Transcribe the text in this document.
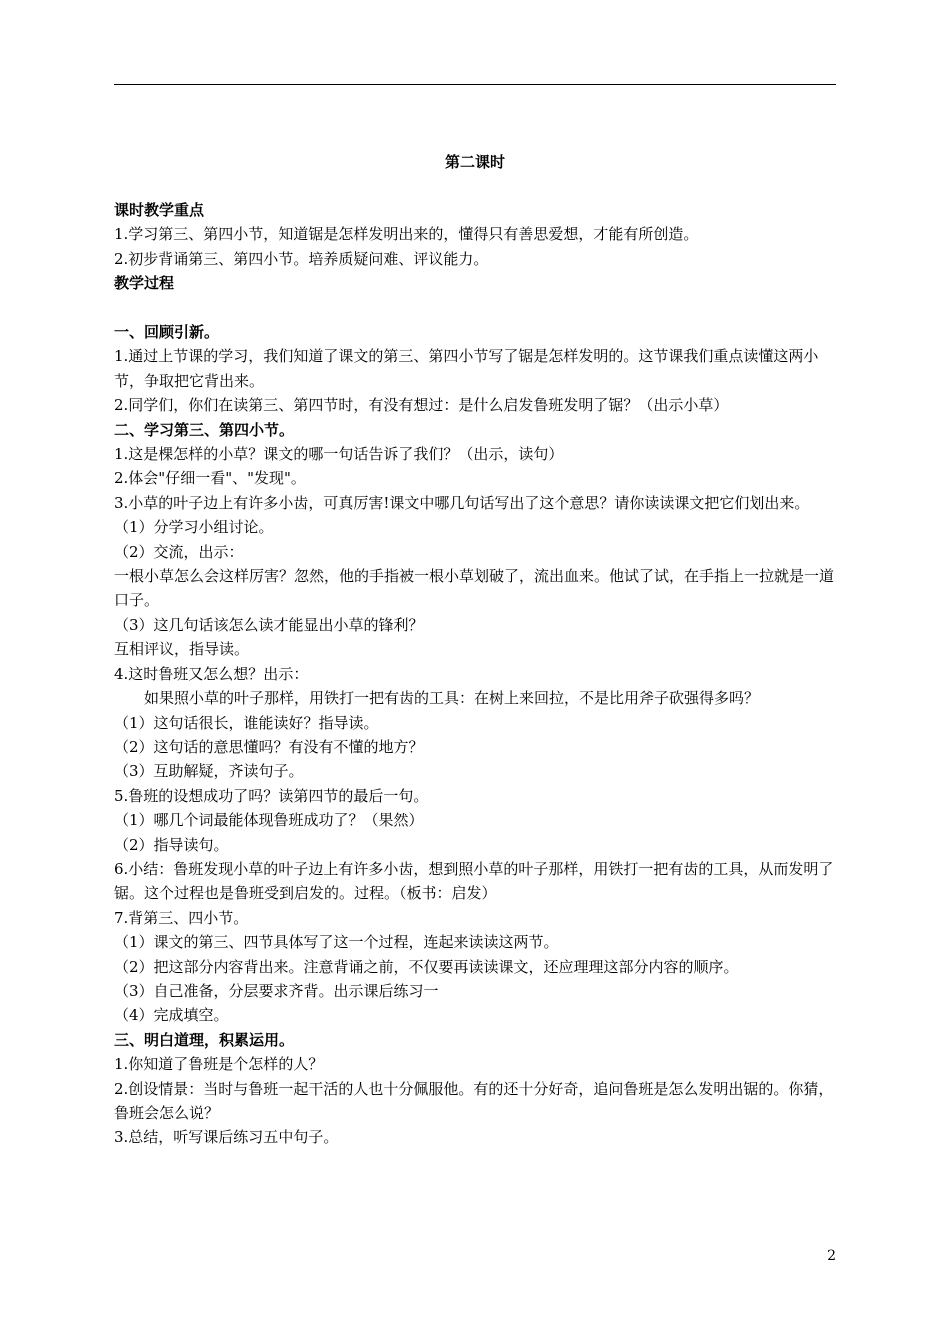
第二课时

课时教学重点

1.学习第三、第四小节，知道锯是怎样发明出来的，懂得只有善思爱想，才能有所创造。

2.初步背诵第三、第四小节。培养质疑问难、评议能力。

教学过程

一、回顾引新。

1.通过上节课的学习，我们知道了课文的第三、第四小节写了锯是怎样发明的。这节课我们重点读懂这两小节，争取把它背出来。

2.同学们，你们在读第三、第四节时，有没有想过：是什么启发鲁班发明了锯？（出示小草）

二、学习第三、第四小节。

1.这是棵怎样的小草？课文的哪一句话告诉了我们？（出示，读句）

2.体会"仔细一看"、"发现"。

3.小草的叶子边上有许多小齿，可真厉害!课文中哪几句话写出了这个意思？请你读读课文把它们划出来。

（1）分学习小组讨论。

（2）交流，出示：

一根小草怎么会这样厉害？忽然，他的手指被一根小草划破了，流出血来。他试了试，在手指上一拉就是一道口子。

（3）这几句话该怎么读才能显出小草的锋利？

互相评议，指导读。

4.这时鲁班又怎么想？出示：

如果照小草的叶子那样，用铁打一把有齿的工具：在树上来回拉，不是比用斧子砍强得多吗？

（1）这句话很长，谁能读好？指导读。

（2）这句话的意思懂吗？有没有不懂的地方？

（3）互助解疑，齐读句子。

5.鲁班的设想成功了吗？读第四节的最后一句。

（1）哪几个词最能体现鲁班成功了？（果然）

（2）指导读句。

6.小结：鲁班发现小草的叶子边上有许多小齿，想到照小草的叶子那样，用铁打一把有齿的工具，从而发明了锯。这个过程也是鲁班受到启发的。过程。（板书：启发）

7.背第三、四小节。

（1）课文的第三、四节具体写了这一个过程，连起来读读这两节。

（2）把这部分内容背出来。注意背诵之前，不仅要再读读课文，还应理理这部分内容的顺序。

（3）自己准备，分层要求齐背。出示课后练习一

（4）完成填空。

三、明白道理，积累运用。

1.你知道了鲁班是个怎样的人？

2.创设情景：当时与鲁班一起干活的人也十分佩服他。有的还十分好奇，追问鲁班是怎么发明出锯的。你猜，鲁班会怎么说？

3.总结，听写课后练习五中句子。

2
